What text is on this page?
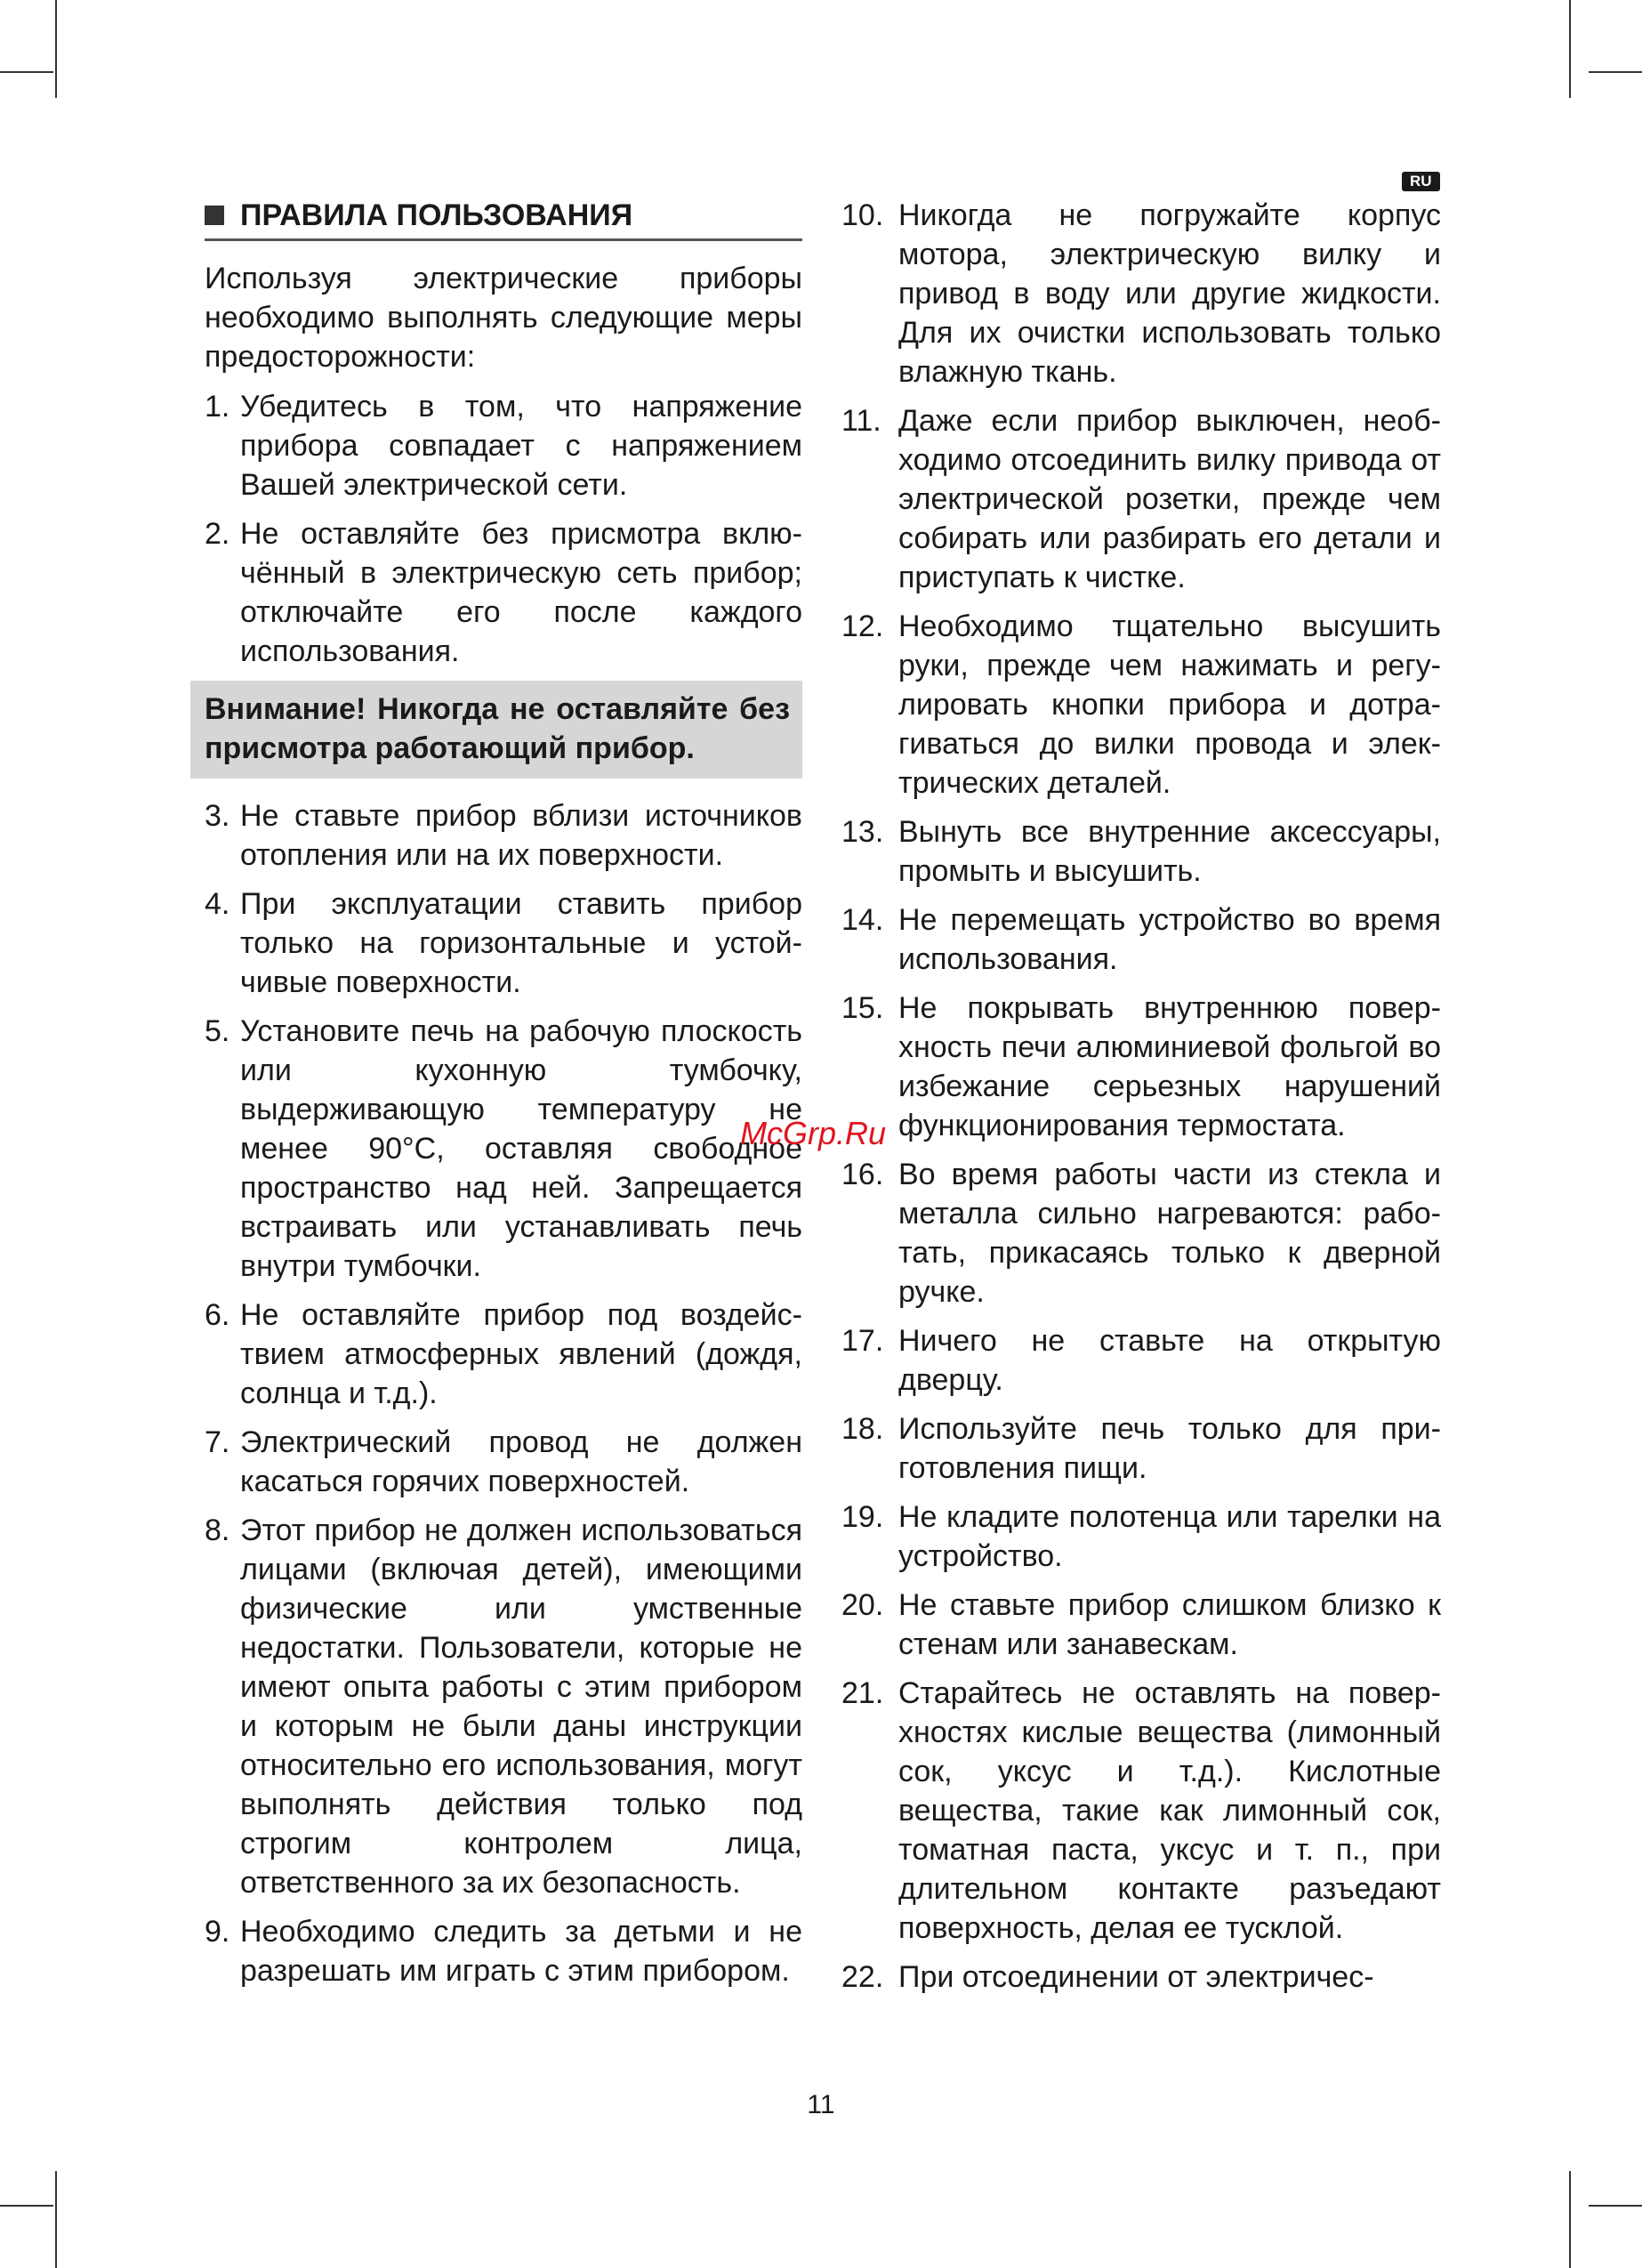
RU
ПРАВИЛА ПОЛЬЗОВАНИЯ

Используя электрические приборы необходимо выполнять следующие меры предосторожности:

1. Убедитесь в том, что напряжение прибора совпадает с напряжением Вашей электрической сети.
2. Не оставляйте без присмотра включённый в электрическую сеть прибор; отключайте его после каждого использования.
Внимание! Никогда не оставляйте без присмотра работающий прибор.
3. Не ставьте прибор вблизи источников отопления или на их поверхности.
4. При эксплуатации ставить прибор только на горизонтальные и устойчивые поверхности.
5. Установите печь на рабочую плоскость или кухонную тумбочку, выдерживающую температуру не менее 90°С, оставляя свободное пространство над ней. Запрещается встраивать или устанавливать печь внутри тумбочки.
6. Не оставляйте прибор под воздействием атмосферных явлений (дождя, солнца и т.д.).
7. Электрический провод не должен касаться горячих поверхностей.
8. Этот прибор не должен использоваться лицами (включая детей), имеющими физические или умственные недостатки. Пользователи, которые не имеют опыта работы с этим прибором и которым не были даны инструкции относительно его использования, могут выполнять действия только под строгим контролем лица, ответственного за их безопасность.
9. Необходимо следить за детьми и не разрешать им играть с этим прибором.
10. Никогда не погружайте корпус мотора, электрическую вилку и привод в воду или другие жидкости. Для их очистки использовать только влажную ткань.
11. Даже если прибор выключен, необходимо отсоединить вилку привода от электрической розетки, прежде чем собирать или разбирать его детали и приступать к чистке.
12. Необходимо тщательно высушить руки, прежде чем нажимать и регулировать кнопки прибора и дотрагиваться до вилки провода и электрических деталей.
13. Вынуть все внутренние аксессуары, промыть и высушить.
14. Не перемещать устройство во время использования.
15. Не покрывать внутреннюю поверхность печи алюминиевой фольгой во избежание серьезных нарушений функционирования термостата.
16. Во время работы части из стекла и металла сильно нагреваются: работать, прикасаясь только к дверной ручке.
17. Ничего не ставьте на открытую дверцу.
18. Используйте печь только для приготовления пищи.
19. Не кладите полотенца или тарелки на устройство.
20. Не ставьте прибор слишком близко к стенам или занавескам.
21. Старайтесь не оставлять на поверхностях кислые вещества (лимонный сок, уксус и т.д.). Кислотные вещества, такие как лимонный сок, томатная паста, уксус и т. п., при длительном контакте разъедают поверхность, делая ее тусклой.
22. При отсоединении от электричес-
McGrp.Ru
11
